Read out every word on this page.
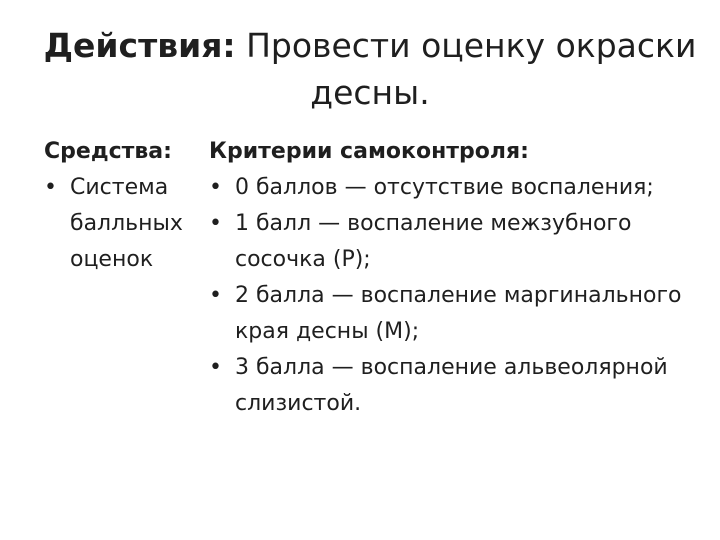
Действия: Провести оценку окраски десны.

Средства:

• Система балльных оценок

Критерии самоконтроля:

• 0 баллов — отсутствие воспаления;
• 1 балл — воспаление межзубного сосочка (Р);
• 2 балла — воспаление маргинального края десны (М);
• 3 балла — воспаление альвеолярной слизистой.
